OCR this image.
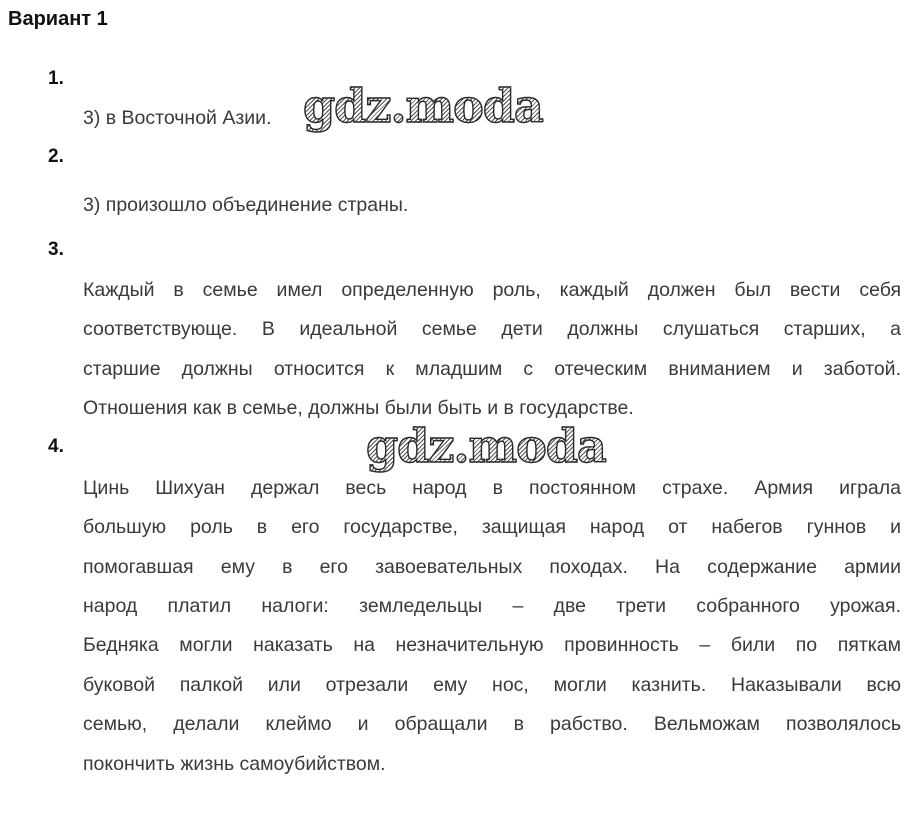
Вариант 1
1.
3) в Восточной Азии.
2.
3) произошло объединение страны.
3.
Каждый в семье имел определенную роль, каждый должен был вести себя
соответствующе. В идеальной семье дети должны слушаться старших, а
старшие должны относится к младшим с отеческим вниманием и заботой.
Отношения как в семье, должны были быть и в государстве.
4.
Цинь Шихуан держал весь народ в постоянном страхе. Армия играла
большую роль в его государстве, защищая народ от набегов гуннов и
помогавшая ему в его завоевательных походах. На содержание армии
народ платил налоги: земледельцы – две трети собранного урожая.
Бедняка могли наказать на незначительную провинность – били по пяткам
буковой палкой или отрезали ему нос, могли казнить. Наказывали всю
семью, делали клеймо и обращали в рабство. Вельможам позволялось
покончить жизнь самоубийством.
gdz.moda
gdz.moda
